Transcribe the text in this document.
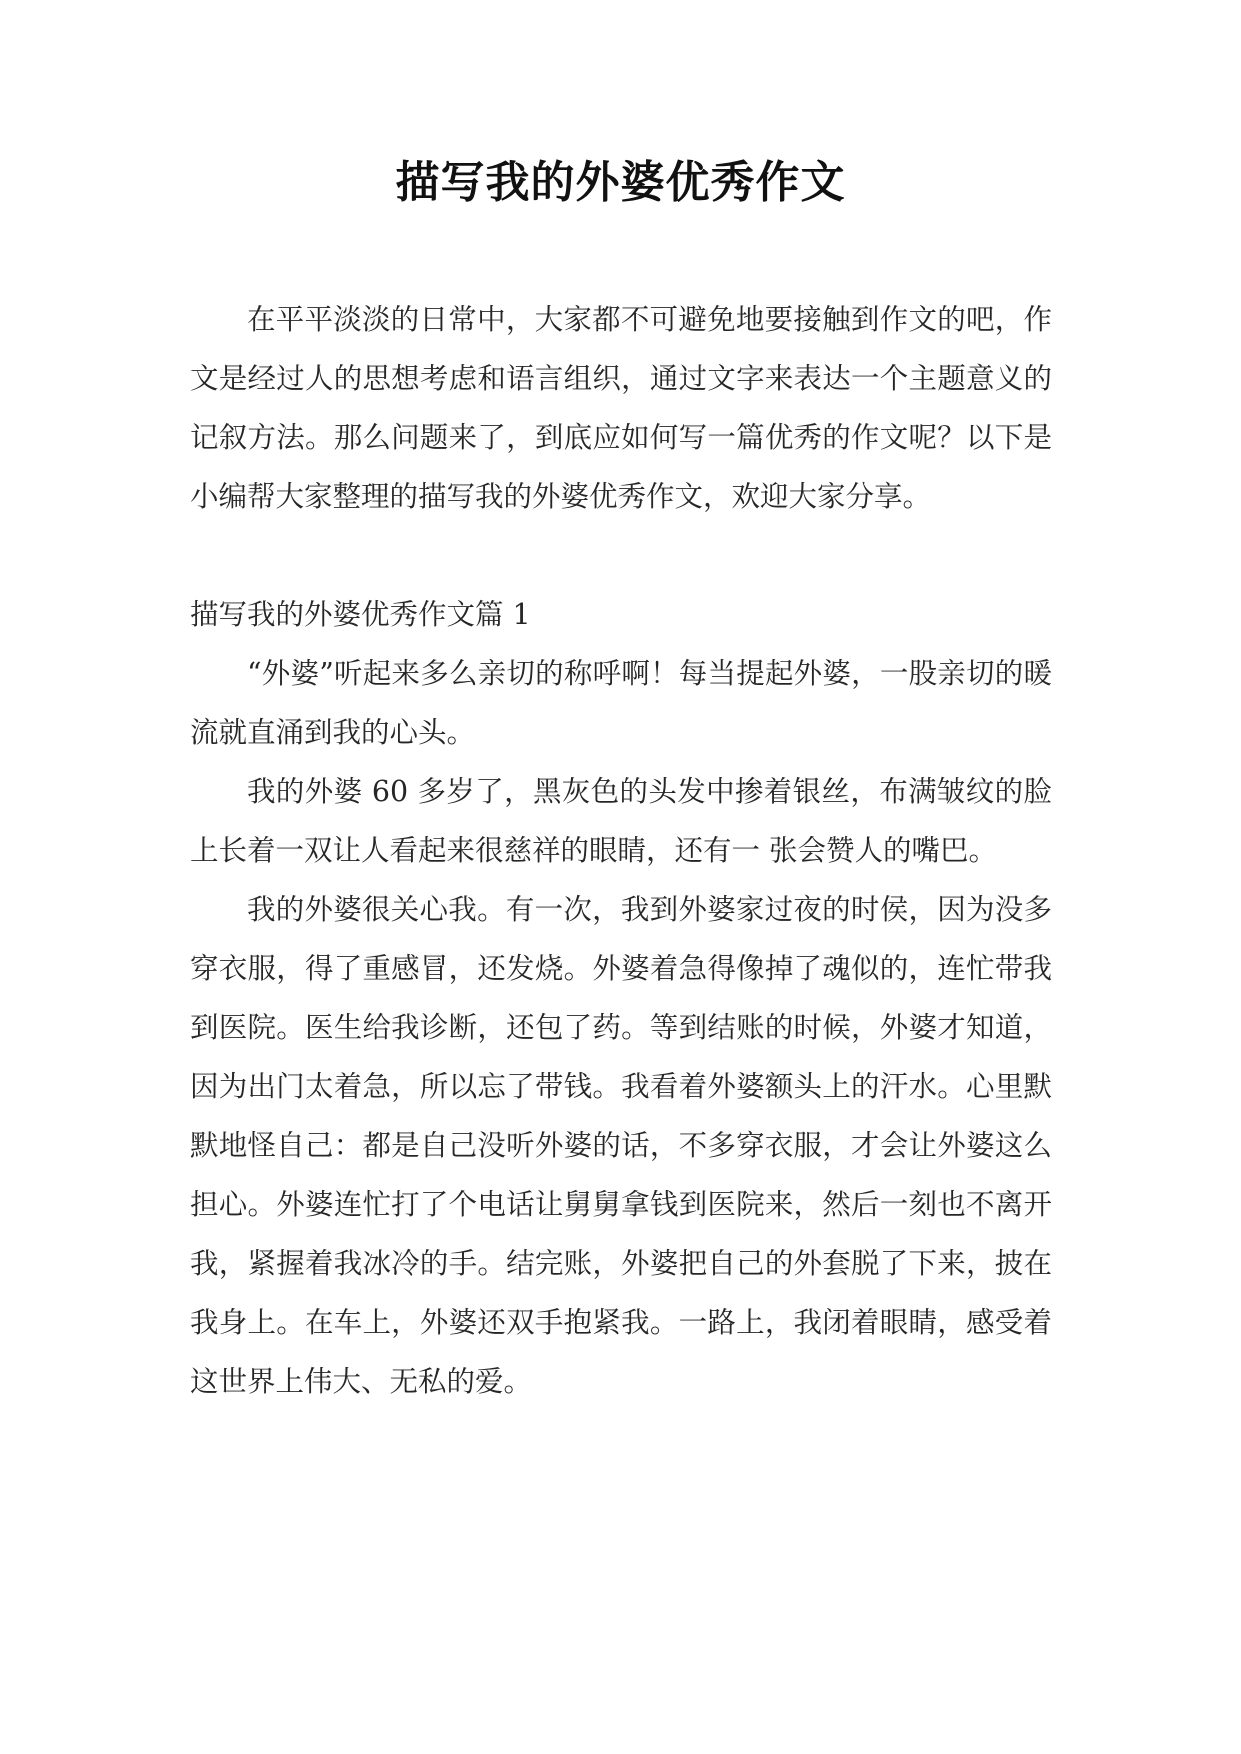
描写我的外婆优秀作文

在平平淡淡的日常中，大家都不可避免地要接触到作文的吧，作文是经过人的思想考虑和语言组织，通过文字来表达一个主题意义的记叙方法。那么问题来了，到底应如何写一篇优秀的作文呢？以下是小编帮大家整理的描写我的外婆优秀作文，欢迎大家分享。

描写我的外婆优秀作文篇 1

“外婆”听起来多么亲切的称呼啊！每当提起外婆，一股亲切的暖流就直涌到我的心头。

我的外婆 60 多岁了，黑灰色的头发中掺着银丝，布满皱纹的脸上长着一双让人看起来很慈祥的眼睛，还有一 张会赞人的嘴巴。

我的外婆很关心我。有一次，我到外婆家过夜的时侯，因为没多穿衣服，得了重感冒，还发烧。外婆着急得像掉了魂似的，连忙带我到医院。医生给我诊断，还包了药。等到结账的时候，外婆才知道，因为出门太着急，所以忘了带钱。我看着外婆额头上的汗水。心里默默地怪自己：都是自己没听外婆的话，不多穿衣服，才会让外婆这么担心。外婆连忙打了个电话让舅舅拿钱到医院来，然后一刻也不离开我，紧握着我冰冷的手。结完账，外婆把自己的外套脱了下来，披在我身上。在车上，外婆还双手抱紧我。一路上，我闭着眼睛，感受着这世界上伟大、无私的爱。
